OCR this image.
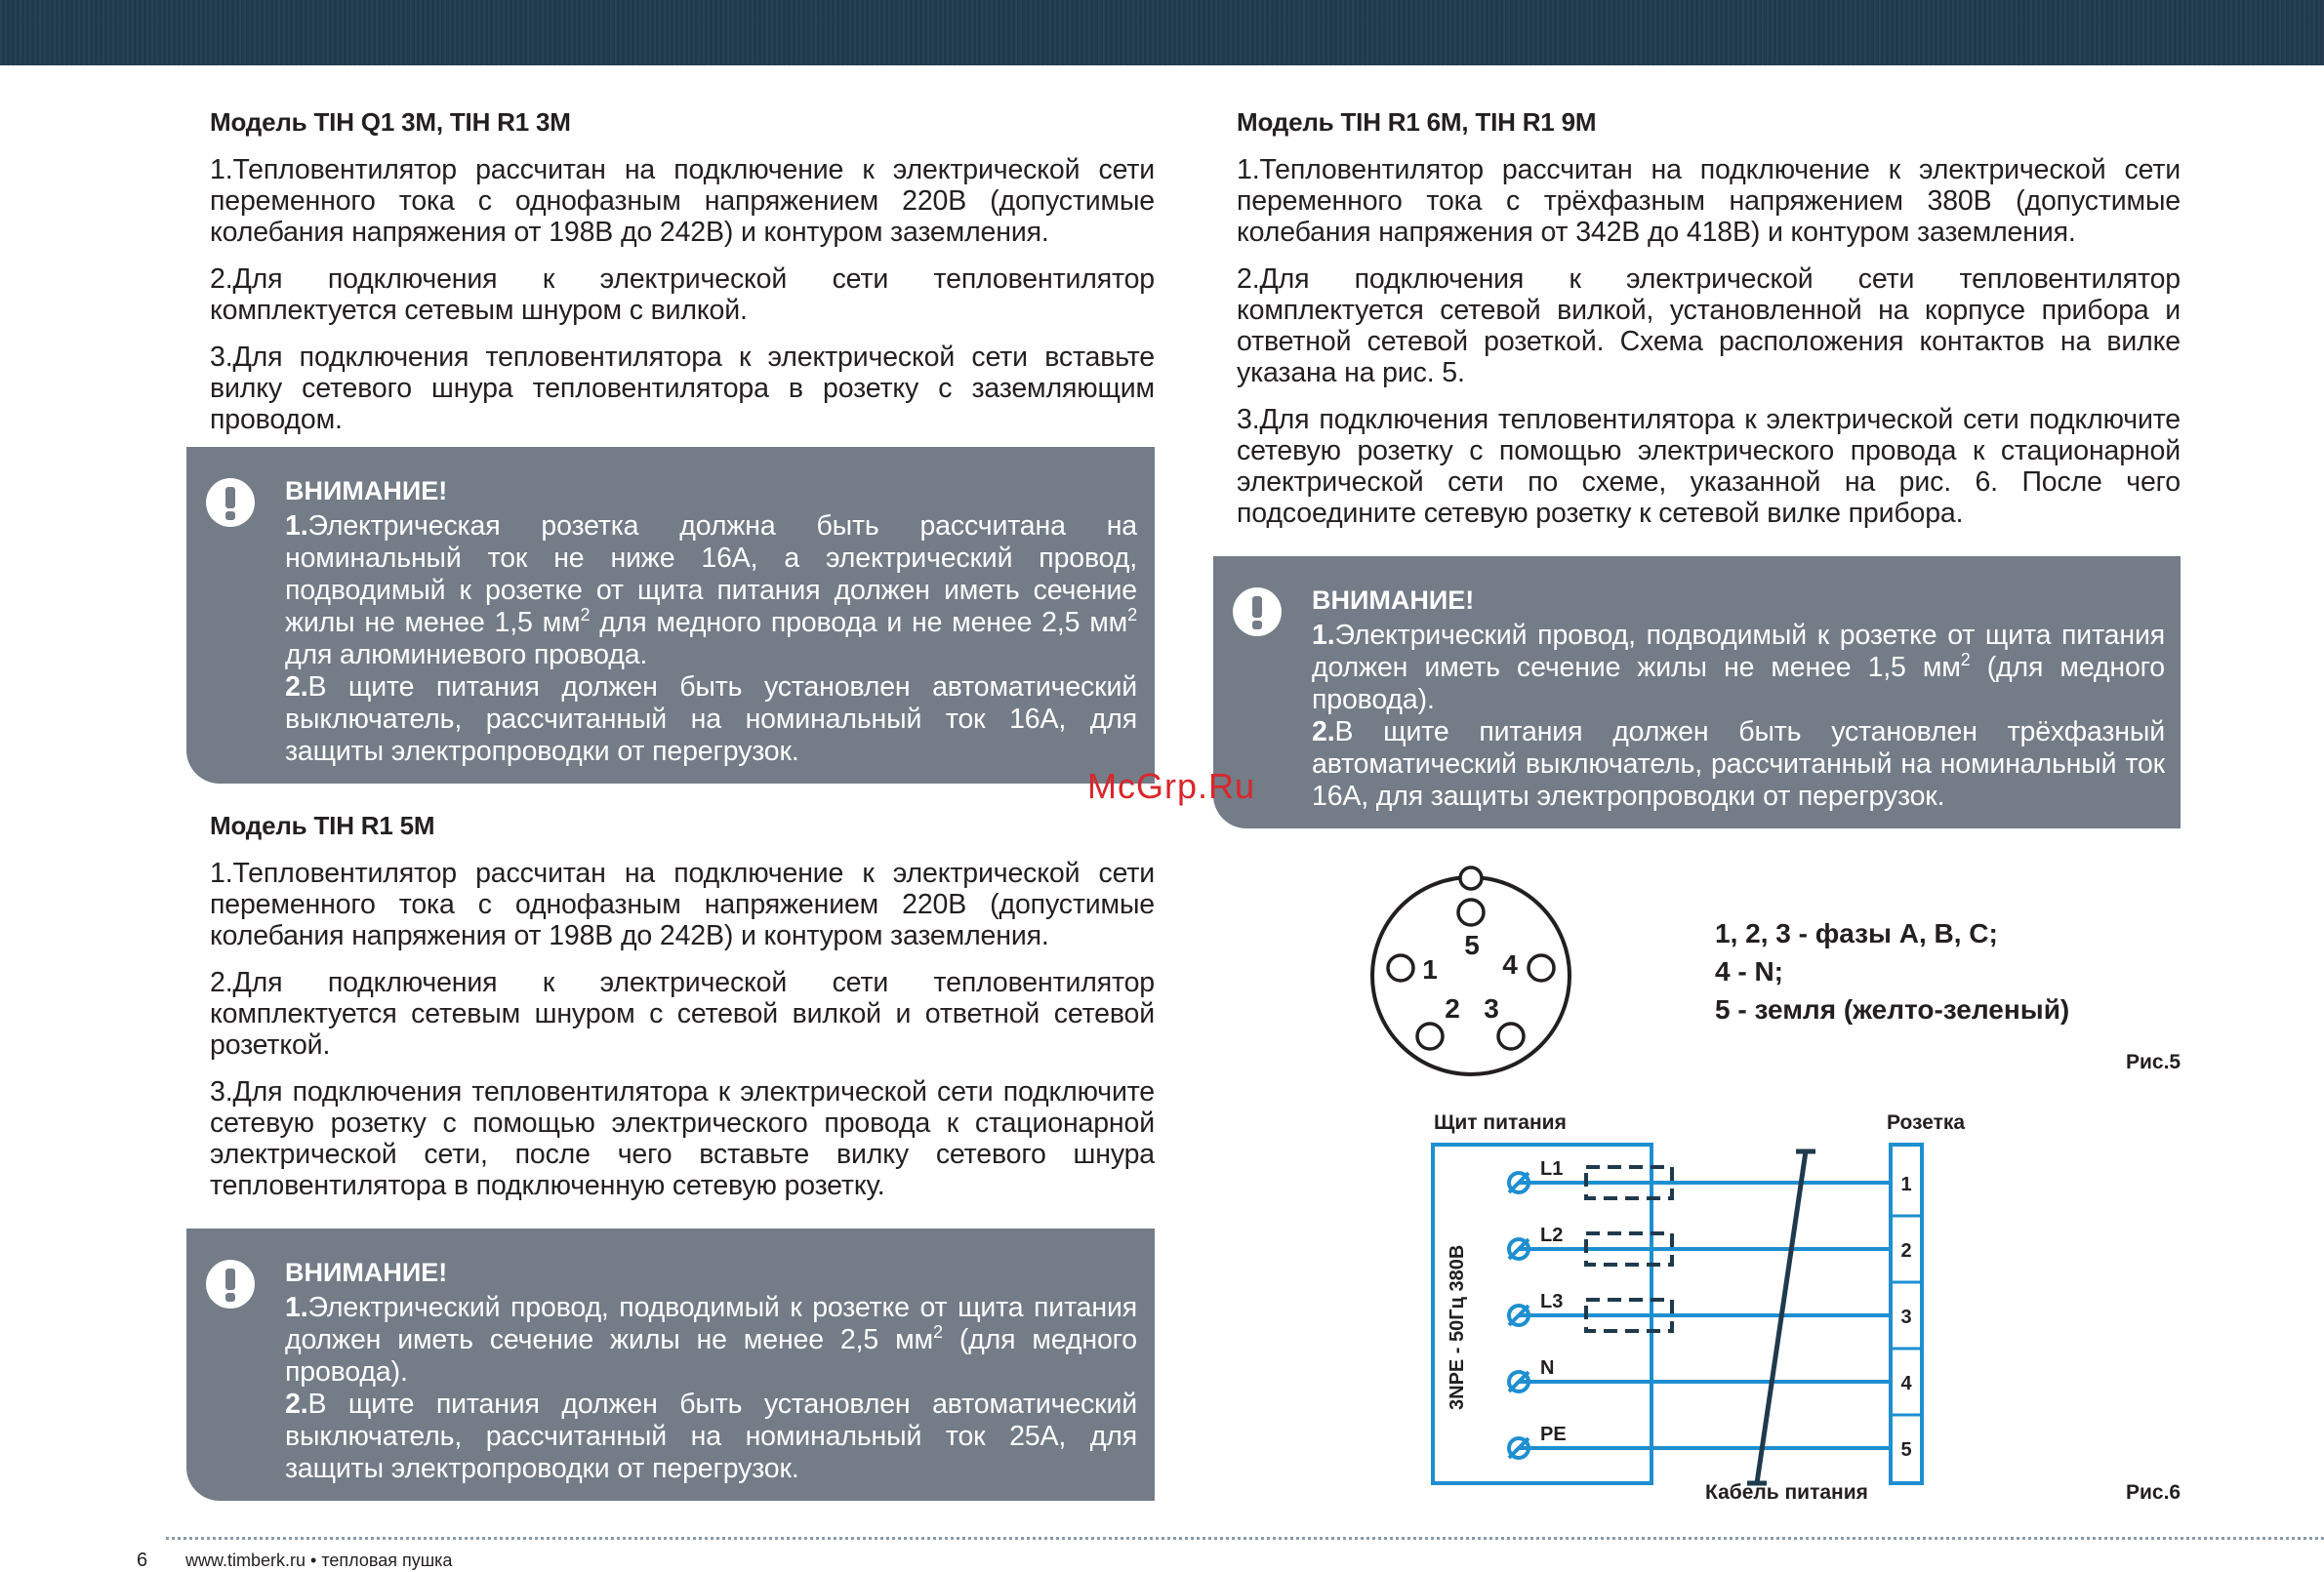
Модель TIH Q1 3M, TIH R1 3M

1.Тепловентилятор рассчитан на подключение к электрической сети переменного тока с однофазным напряжением 220В (допустимые колебания напряжения от 198В до 242В) и контуром заземления.

2.Для подключения к электрической сети тепловентилятор комплектуется сетевым шнуром с вилкой.

3.Для подключения тепловентилятора к электрической сети вставьте вилку сетевого шнура тепловентилятора в розетку с заземляющим проводом.

ВНИМАНИЕ!

1.Электрическая розетка должна быть рассчитана на номинальный ток не ниже 16А, а электрический провод, подводимый к розетке от щита питания должен иметь сечение жилы не менее 1,5 $мм^2$ для медного провода и не менее 2,5 $мм^2$ для алюминиевого провода.

2.В щите питания должен быть установлен автоматический выключатель, рассчитанный на номинальный ток 16А, для защиты электропроводки от перегрузок.

Модель TIH R1 5M

1.Тепловентилятор рассчитан на подключение к электрической сети переменного тока с однофазным напряжением 220В (допустимые колебания напряжения от 198В до 242В) и контуром заземления.

2.Для подключения к электрической сети тепловентилятор комплектуется сетевым шнуром с сетевой вилкой и ответной сетевой розеткой.

3.Для подключения тепловентилятора к электрической сети подключите сетевую розетку с помощью электрического провода к стационарной электрической сети, после чего вставьте вилку сетевого шнура тепловентилятора в подключенную сетевую розетку.

ВНИМАНИЕ!

1.Электрический провод, подводимый к розетке от щита питания должен иметь сечение жилы не менее 2,5 $мм^2$ (для медного провода).

2.В щите питания должен быть установлен автоматический выключатель, рассчитанный на номинальный ток 25А, для защиты электропроводки от перегрузок.

Модель TIH R1 6M, TIH R1 9M

1.Тепловентилятор рассчитан на подключение к электрической сети переменного тока с трёхфазным напряжением 380В (допустимые колебания напряжения от 342В до 418В) и контуром заземления.

2.Для подключения к электрической сети тепловентилятор комплектуется сетевой вилкой, установленной на корпусе прибора и ответной сетевой розеткой. Схема расположения контактов на вилке указана на рис. 5.

3.Для подключения тепловентилятора к электрической сети подключите сетевую розетку с помощью электрического провода к стационарной электрической сети по схеме, указанной на рис. 6. После чего подсоедините сетевую розетку к сетевой вилке прибора.

ВНИМАНИЕ!

1.Электрический провод, подводимый к розетке от щита питания должен иметь сечение жилы не менее 1,5 $мм^2$ (для медного провода).

2.В щите питания должен быть установлен трёхфазный автоматический выключатель, рассчитанный на номинальный ток 16А, для защиты электропроводки от перегрузок.

McGrp.Ru
5
1 4
2 3
1, 2, 3 - фазы А, В, С;
4 - N;
5 - земля (желто-зеленый)
Рис.5
Щит питания	Розетка
L1
L2
L3
N
PE
1
2
3
4
5
3NPE - 50Гц 380В
Кабель питания	Рис.6
6 www.timberk.ru • тепловая пушка
